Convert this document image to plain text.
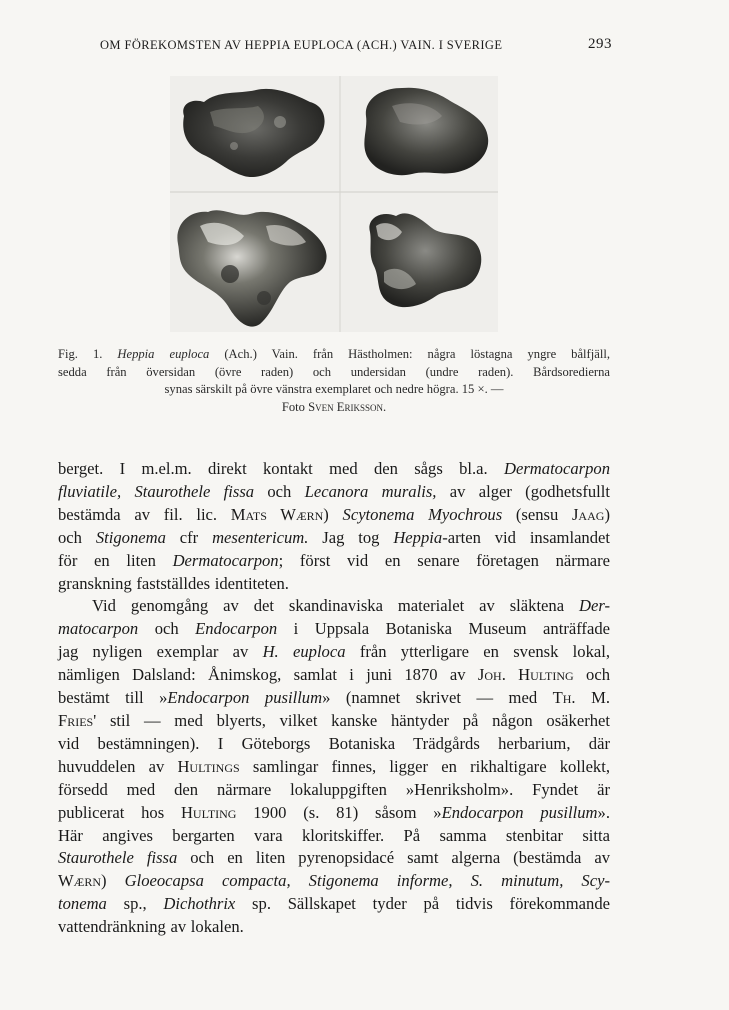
OM FÖREKOMSTEN AV HEPPIA EUPLOCA (ACH.) VAIN. I SVERIGE	293

Fig. 1. Heppia euploca (Ach.) Vain. från Hästholmen: några löstagna yngre bålfjäll,

sedda från översidan (övre raden) och undersidan (undre raden). Bårdsoredierna

synas särskilt på övre vänstra exemplaret och nedre högra. 15 ×. —

Foto Sven Eriksson.

berget. I m.el.m. direkt kontakt med den sågs bl.a. Dermatocarpon

fluviatile, Staurothele fissa och Lecanora muralis, av alger (godhetsfullt

bestämda av fil. lic. Mats Wærn) Scytonema Myochrous (sensu Jaag)

och Stigonema cfr mesentericum. Jag tog Heppia-arten vid insamlandet

för en liten Dermatocarpon; först vid en senare företagen närmare

granskning fastställdes identiteten.

Vid genomgång av det skandinaviska materialet av släktena Der-

matocarpon och Endocarpon i Uppsala Botaniska Museum anträffade

jag nyligen exemplar av H. euploca från ytterligare en svensk lokal,

nämligen Dalsland: Ånimskog, samlat i juni 1870 av Joh. Hulting och

bestämt till »Endocarpon pusillum» (namnet skrivet — med Th. M.

Fries' stil — med blyerts, vilket kanske häntyder på någon osäkerhet

vid bestämningen). I Göteborgs Botaniska Trädgårds herbarium, där

huvuddelen av Hultings samlingar finnes, ligger en rikhaltigare kollekt,

försedd med den närmare lokaluppgiften »Henriksholm». Fyndet är

publicerat hos Hulting 1900 (s. 81) såsom »Endocarpon pusillum».

Här angives bergarten vara kloritskiffer. På samma stenbitar sitta

Staurothele fissa och en liten pyrenopsidacé samt algerna (bestämda av

Wærn) Gloeocapsa compacta, Stigonema informe, S. minutum, Scy-

tonema sp., Dichothrix sp. Sällskapet tyder på tidvis förekommande

vattendränkning av lokalen.
